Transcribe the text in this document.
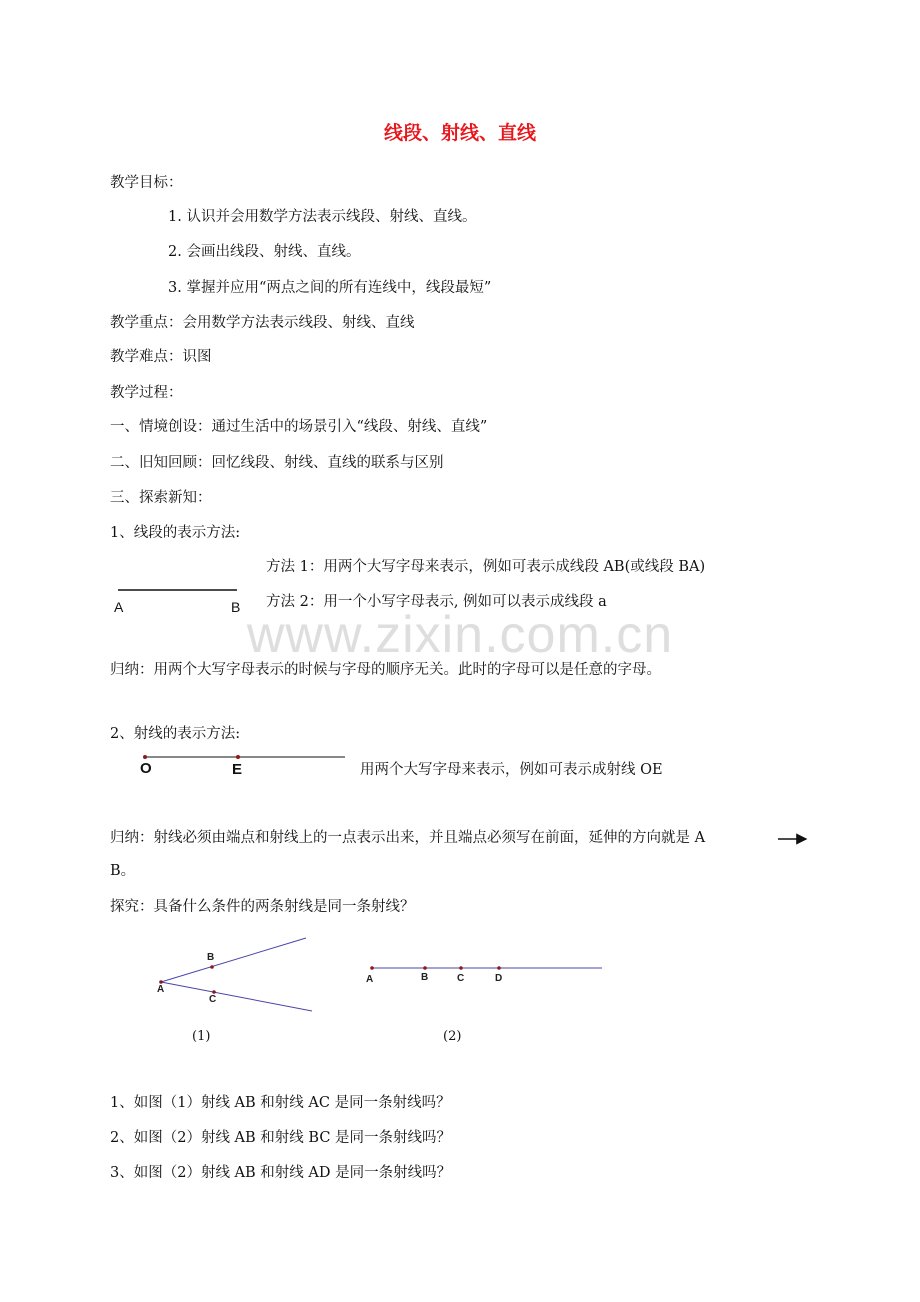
线段、射线、直线
教学目标：
1. 认识并会用数学方法表示线段、射线、直线。
2. 会画出线段、射线、直线。
3. 掌握并应用“两点之间的所有连线中，线段最短”
教学重点：会用数学方法表示线段、射线、直线
教学难点：识图
教学过程：
一、情境创设：通过生活中的场景引入“线段、射线、直线”
二、旧知回顾：回忆线段、射线、直线的联系与区别
三、探索新知：
1、线段的表示方法:
方法 1：用两个大写字母来表示，例如可表示成线段 AB(或线段 BA)
方法 2：用一个小写字母表示, 例如可以表示成线段 a
A	B www.zixin.com.cn
归纳：用两个大写字母表示的时候与字母的顺序无关。此时的字母可以是任意的字母。
2、射线的表示方法:
O	E	用两个大写字母来表示，例如可表示成射线 OE
归纳：射线必须由端点和射线上的一点表示出来，并且端点必须写在前面，延伸的方向就是 A
B。
探究：具备什么条件的两条射线是同一条射线？
B
A
C
(1)
A	B	C	D
(2)
1、如图（1）射线 AB 和射线 AC 是同一条射线吗？
2、如图（2）射线 AB 和射线 BC 是同一条射线吗？
3、如图（2）射线 AB 和射线 AD 是同一条射线吗？
